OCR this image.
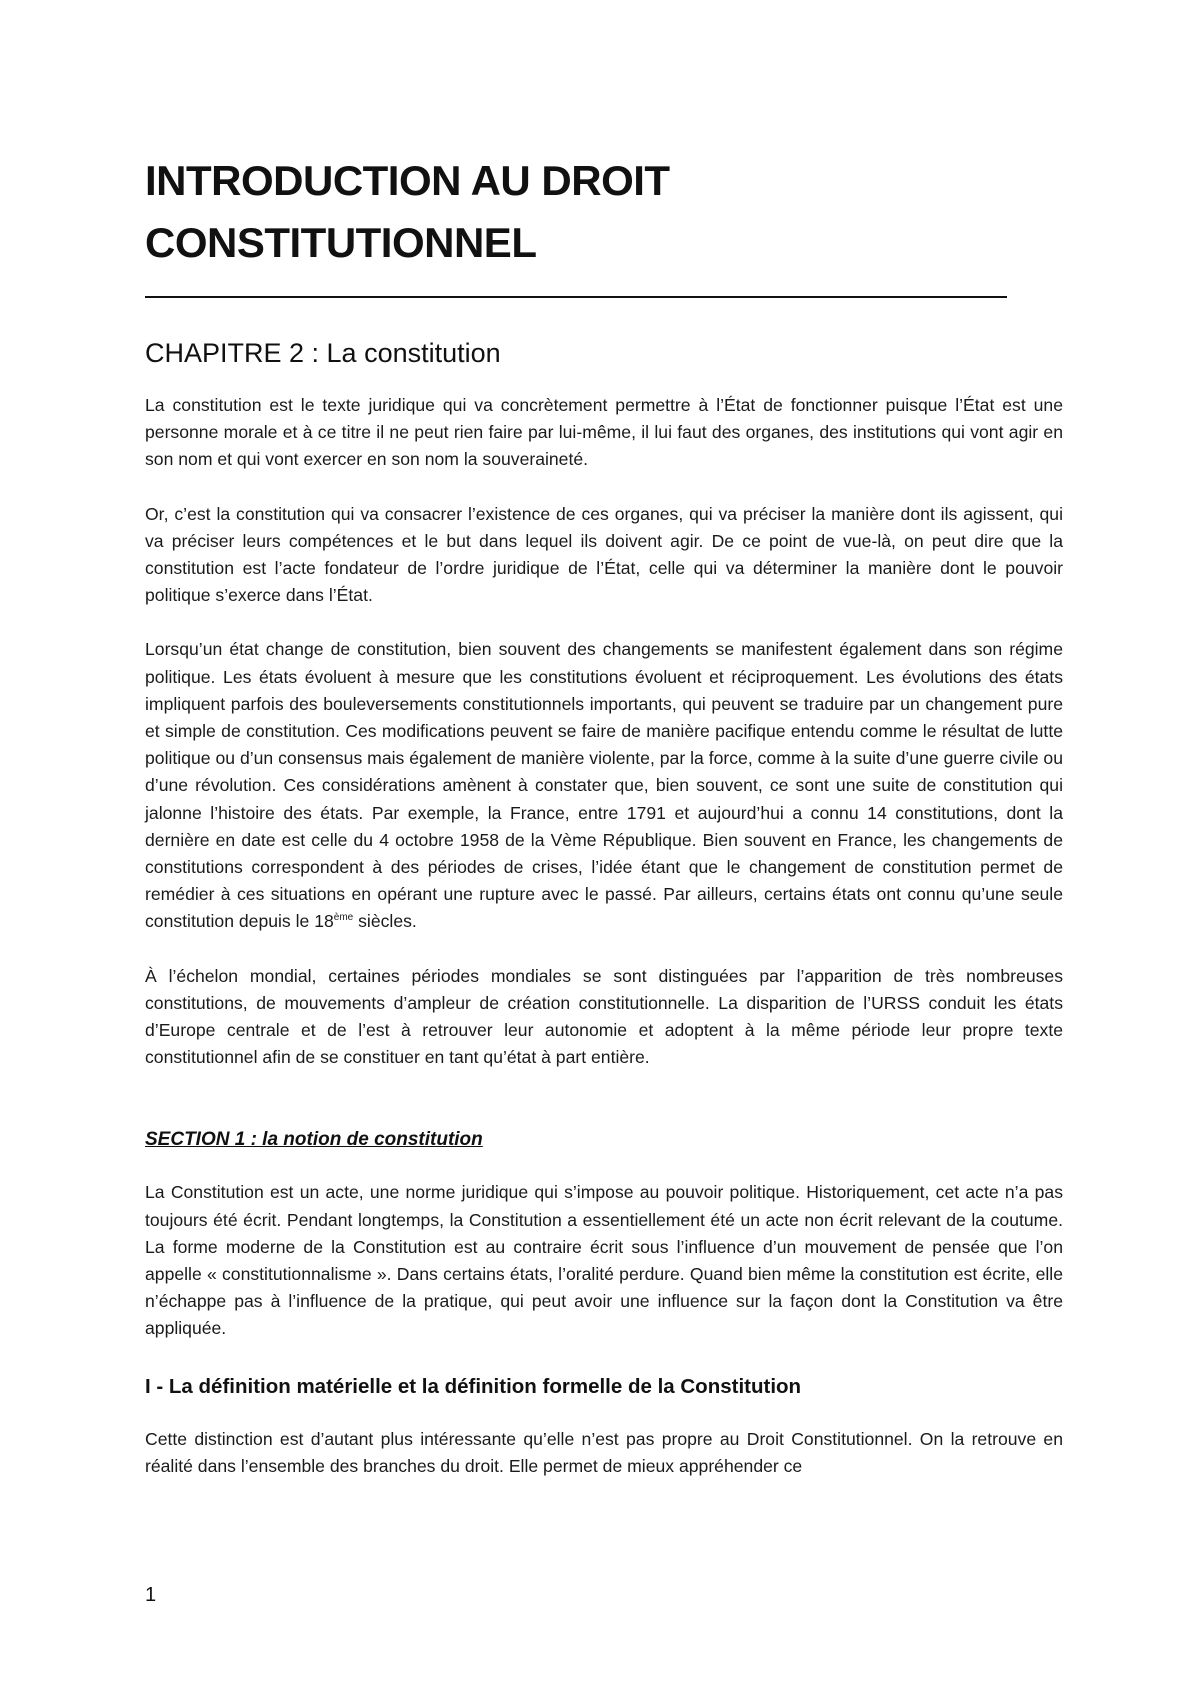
INTRODUCTION AU DROIT
CONSTITUTIONNEL
CHAPITRE 2 : La constitution

La constitution est le texte juridique qui va concrètement permettre à l’État de fonctionner puisque l’État est une personne morale et à ce titre il ne peut rien faire par lui-même, il lui faut des organes, des institutions qui vont agir en son nom et qui vont exercer en son nom la souveraineté.

Or, c’est la constitution qui va consacrer l’existence de ces organes, qui va préciser la manière dont ils agissent, qui va préciser leurs compétences et le but dans lequel ils doivent agir. De ce point de vue-là, on peut dire que la constitution est l’acte fondateur de l’ordre juridique de l’État, celle qui va déterminer la manière dont le pouvoir politique s’exerce dans l’État.

Lorsqu’un état change de constitution, bien souvent des changements se manifestent également dans son régime politique. Les états évoluent à mesure que les constitutions évoluent et réciproquement. Les évolutions des états impliquent parfois des bouleversements constitutionnels importants, qui peuvent se traduire par un changement pure et simple de constitution. Ces modifications peuvent se faire de manière pacifique entendu comme le résultat de lutte politique ou d’un consensus mais également de manière violente, par la force, comme à la suite d’une guerre civile ou d’une révolution. Ces considérations amènent à constater que, bien souvent, ce sont une suite de constitution qui jalonne l’histoire des états. Par exemple, la France, entre 1791 et aujourd’hui a connu 14 constitutions, dont la dernière en date est celle du 4 octobre 1958 de la Vème République. Bien souvent en France, les changements de constitutions correspondent à des périodes de crises, l’idée étant que le changement de constitution permet de remédier à ces situations en opérant une rupture avec le passé. Par ailleurs, certains états ont connu qu’une seule constitution depuis le 18ème siècles.

À l’échelon mondial, certaines périodes mondiales se sont distinguées par l’apparition de très nombreuses constitutions, de mouvements d’ampleur de création constitutionnelle. La disparition de l’URSS conduit les états d’Europe centrale et de l’est à retrouver leur autonomie et adoptent à la même période leur propre texte constitutionnel afin de se constituer en tant qu’état à part entière.

SECTION 1 : la notion de constitution

La Constitution est un acte, une norme juridique qui s’impose au pouvoir politique. Historiquement, cet acte n’a pas toujours été écrit. Pendant longtemps, la Constitution a essentiellement été un acte non écrit relevant de la coutume. La forme moderne de la Constitution est au contraire écrit sous l’influence d’un mouvement de pensée que l’on appelle « constitutionnalisme ». Dans certains états, l’oralité perdure. Quand bien même la constitution est écrite, elle n’échappe pas à l’influence de la pratique, qui peut avoir une influence sur la façon dont la Constitution va être appliquée.

I - La définition matérielle et la définition formelle de la Constitution

Cette distinction est d’autant plus intéressante qu’elle n’est pas propre au Droit Constitutionnel. On la retrouve en réalité dans l’ensemble des branches du droit. Elle permet de mieux appréhender ce

1
